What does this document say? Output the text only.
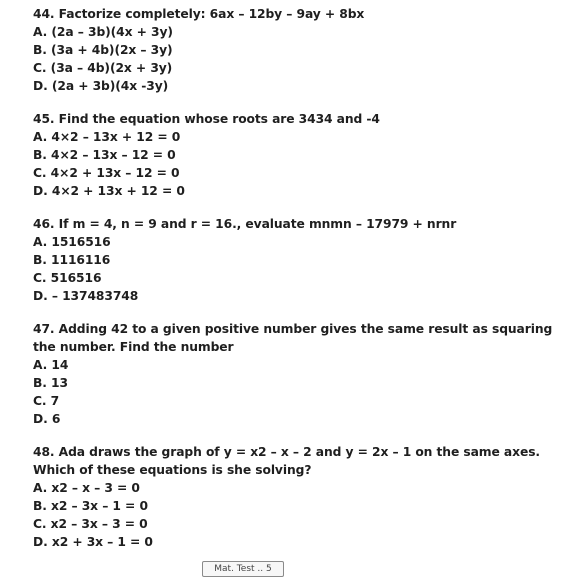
44. Factorize completely: 6ax – 12by – 9ay + 8bx
A. (2a – 3b)(4x + 3y)
B. (3a + 4b)(2x – 3y)
C. (3a – 4b)(2x + 3y)
D. (2a + 3b)(4x -3y)
45. Find the equation whose roots are 3434 and -4
A. 4×2 – 13x + 12 = 0
B. 4×2 – 13x – 12 = 0
C. 4×2 + 13x – 12 = 0
D. 4×2 + 13x + 12 = 0
46. If m = 4, n = 9 and r = 16., evaluate mnmn – 17979 + nrnr
A. 1516516
B. 1116116
C. 516516
D. – 137483748
47. Adding 42 to a given positive number gives the same result as squaring the number. Find the number
A. 14
B. 13
C. 7
D. 6
48. Ada draws the graph of y = x2 – x – 2 and y = 2x – 1 on the same axes. Which of these equations is she solving?
A. x2 – x – 3 = 0
B. x2 – 3x – 1 = 0
C. x2 – 3x – 3 = 0
D. x2 + 3x – 1 = 0
Mat. Test .. 5
